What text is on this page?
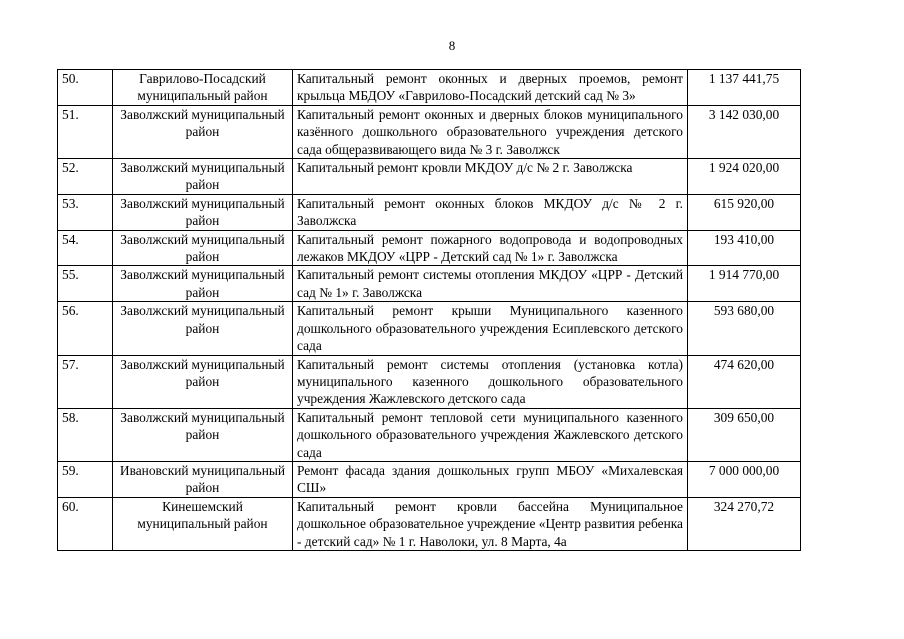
8
50.	Гаврилово-Посадский муниципальный район	Капитальный ремонт оконных и дверных проемов, ремонт крыльца МБДОУ «Гаврилово-Посадский детский сад № 3»	1 137 441,75
51.	Заволжский муниципальный район	Капитальный ремонт оконных и дверных блоков муниципального казённого дошкольного образовательного учреждения детского сада общеразвивающего вида № 3 г. Заволжск	3 142 030,00
52.	Заволжский муниципальный район	Капитальный ремонт кровли МКДОУ д/с № 2 г. Заволжска	1 924 020,00
53.	Заволжский муниципальный район	Капитальный ремонт оконных блоков МКДОУ д/с № 2 г. Заволжска	615 920,00
54.	Заволжский муниципальный район	Капитальный ремонт пожарного водопровода и водопроводных лежаков МКДОУ «ЦРР - Детский сад № 1» г. Заволжска	193 410,00
55.	Заволжский муниципальный район	Капитальный ремонт системы отопления МКДОУ «ЦРР - Детский сад № 1» г. Заволжска	1 914 770,00
56.	Заволжский муниципальный район	Капитальный ремонт крыши Муниципального казенного дошкольного образовательного учреждения Есиплевского детского сада	593 680,00
57.	Заволжский муниципальный район	Капитальный ремонт системы отопления (установка котла) муниципального казенного дошкольного образовательного учреждения Жажлевского детского сада	474 620,00
58.	Заволжский муниципальный район	Капитальный ремонт тепловой сети муниципального казенного дошкольного образовательного учреждения Жажлевского детского сада	309 650,00
59.	Ивановский муниципальный район	Ремонт фасада здания дошкольных групп МБОУ «Михалевская СШ»	7 000 000,00
60.	Кинешемский муниципальный район	Капитальный ремонт кровли бассейна Муниципальное дошкольное образовательное учреждение «Центр развития ребенка - детский сад» № 1 г. Наволоки, ул. 8 Марта, 4а	324 270,72
